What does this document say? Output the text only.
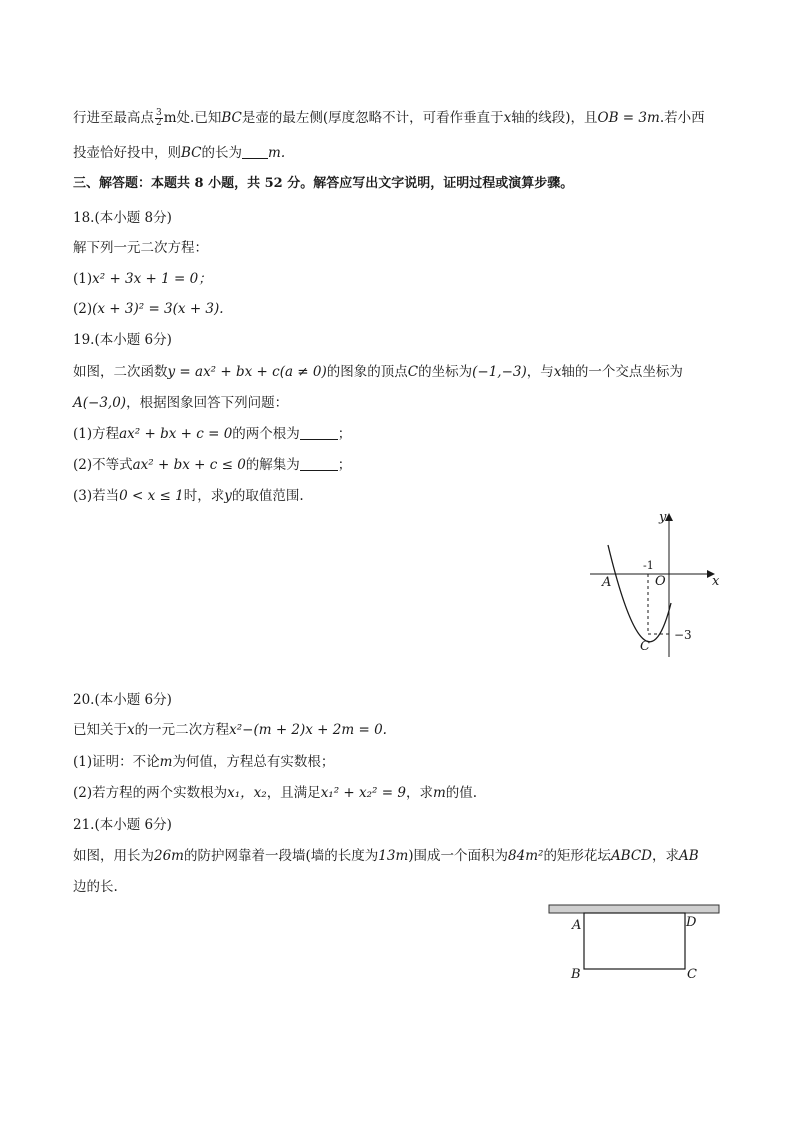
行进至最高点 $\frac{3}{2}$ m处.已知BC是壶的最左侧(厚度忽略不计，可看作垂直于x轴的线段)，且OB = 3m.若小西
投壶恰好投中，则BC的长为 m.
三、解答题：本题共 8 小题，共 52 分。解答应写出文字说明，证明过程或演算步骤。
18.(本小题 8分)
解下列一元二次方程：
(1)x² + 3x + 1 = 0；
(2)(x + 3)² = 3(x + 3).
19.(本小题 6分)
如图，二次函数y = ax² + bx + c(a ≠ 0)的图象的顶点C的坐标为(−1,−3)，与x轴的一个交点坐标为
A(−3,0)，根据图象回答下列问题：
(1)方程ax² + bx + c = 0的两个根为	；
(2)不等式ax² + bx + c ≤ 0的解集为	；
(3)若当0 < x ≤ 1时，求y的取值范围.
y
x
O
A
C
-1
−3
20.(本小题 6分)
已知关于x的一元二次方程x²−(m + 2)x + 2m = 0.
(1)证明：不论m为何值，方程总有实数根；
(2)若方程的两个实数根为x₁，x₂，且满足x₁² + x₂² = 9，求m的值.
21.(本小题 6分)
如图，用长为26m的防护网靠着一段墙(墙的长度为13m)围成一个面积为84m²的矩形花坛ABCD，求AB
边的长.
A	D
B	C
